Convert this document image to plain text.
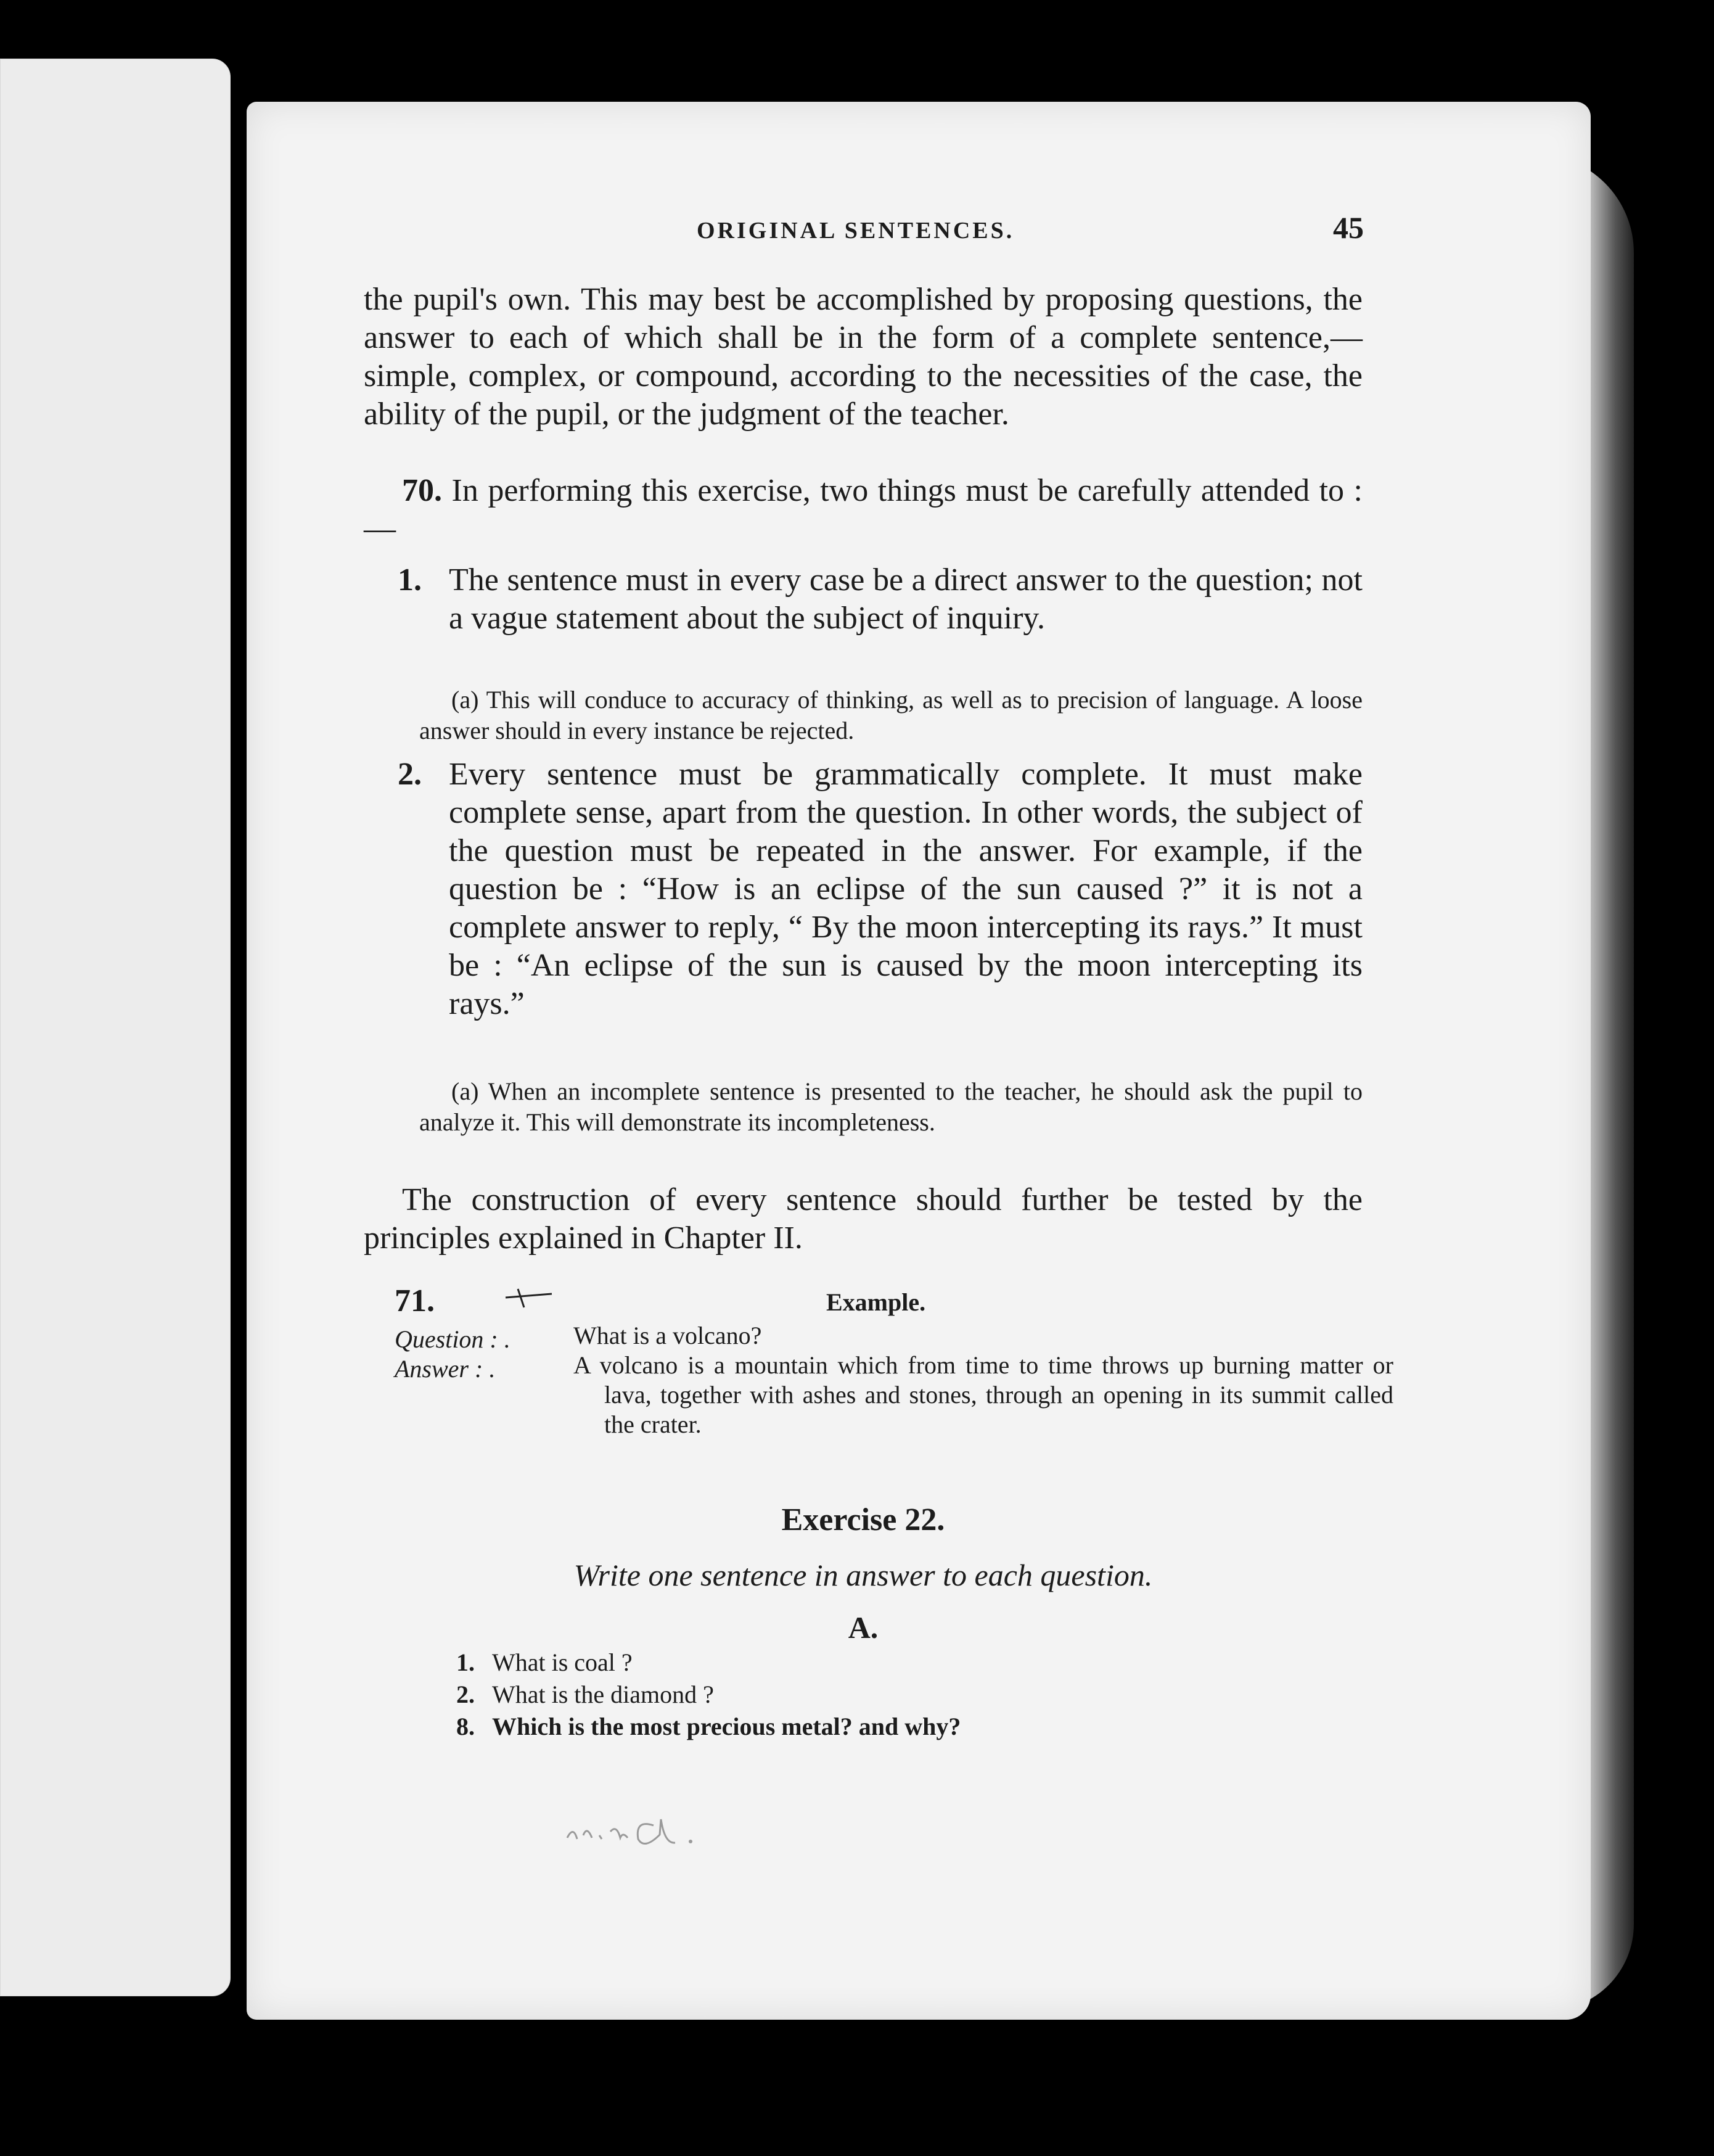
ORIGINAL SENTENCES.	45

the pupil's own. This may best be accomplished by proposing questions, the answer to each of which shall be in the form of a complete sentence,—simple, complex, or compound, according to the necessities of the case, the ability of the pupil, or the judgment of the teacher.

70. In performing this exercise, two things must be carefully attended to :—

1. The sentence must in every case be a direct answer to the question; not a vague statement about the subject of inquiry.

(a) This will conduce to accuracy of thinking, as well as to precision of language. A loose answer should in every instance be rejected.

2. Every sentence must be grammatically complete. It must make complete sense, apart from the question. In other words, the subject of the question must be repeated in the answer. For example, if the question be : “How is an eclipse of the sun caused ?” it is not a complete answer to reply, “ By the moon intercepting its rays.” It must be : “An eclipse of the sun is caused by the moon intercepting its rays.”

(a) When an incomplete sentence is presented to the teacher, he should ask the pupil to analyze it. This will demonstrate its incompleteness.

The construction of every sentence should further be tested by the principles explained in Chapter II.

71.	Example.
Question : .	What is a volcano?
Answer : .	A volcano is a mountain which from time to time throws up burning matter or lava, together with ashes and stones, through an opening in its summit called the crater.
Exercise 22.
Write one sentence in answer to each question.
A.
1. What is coal ?
2. What is the diamond ?
8. Which is the most precious metal? and why?
